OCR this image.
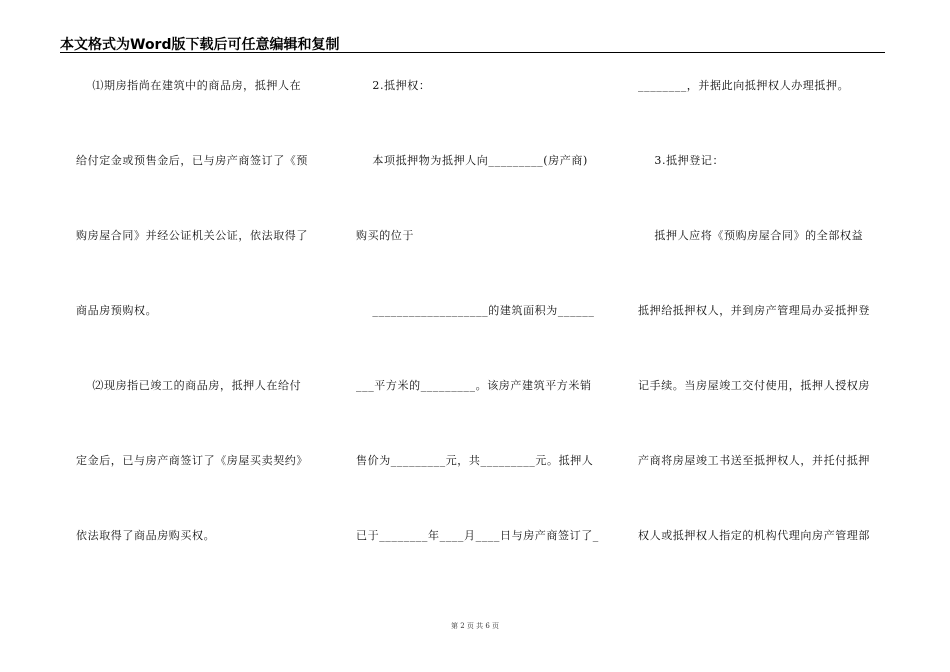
本文格式为Word版下载后可任意编辑和复制
⑴期房指尚在建筑中的商品房，抵押人在
给付定金或预售金后，已与房产商签订了《预
购房屋合同》并经公证机关公证，依法取得了
商品房预购权。
⑵现房指已竣工的商品房，抵押人在给付
定金后，已与房产商签订了《房屋买卖契约》
依法取得了商品房购买权。
2.抵押权：
本项抵押物为抵押人向_________(房产商)
购买的位于
___________________的建筑面积为______
___平方米的_________。该房产建筑平方米销
售价为_________元，共_________元。抵押人
已于________年____月____日与房产商签订了_
________，并据此向抵押权人办理抵押。
3.抵押登记：
抵押人应将《预购房屋合同》的全部权益
抵押给抵押权人，并到房产管理局办妥抵押登
记手续。当房屋竣工交付使用，抵押人授权房
产商将房屋竣工书送至抵押权人，并托付抵押
权人或抵押权人指定的机构代理向房产管理部
第 2 页 共 6 页
